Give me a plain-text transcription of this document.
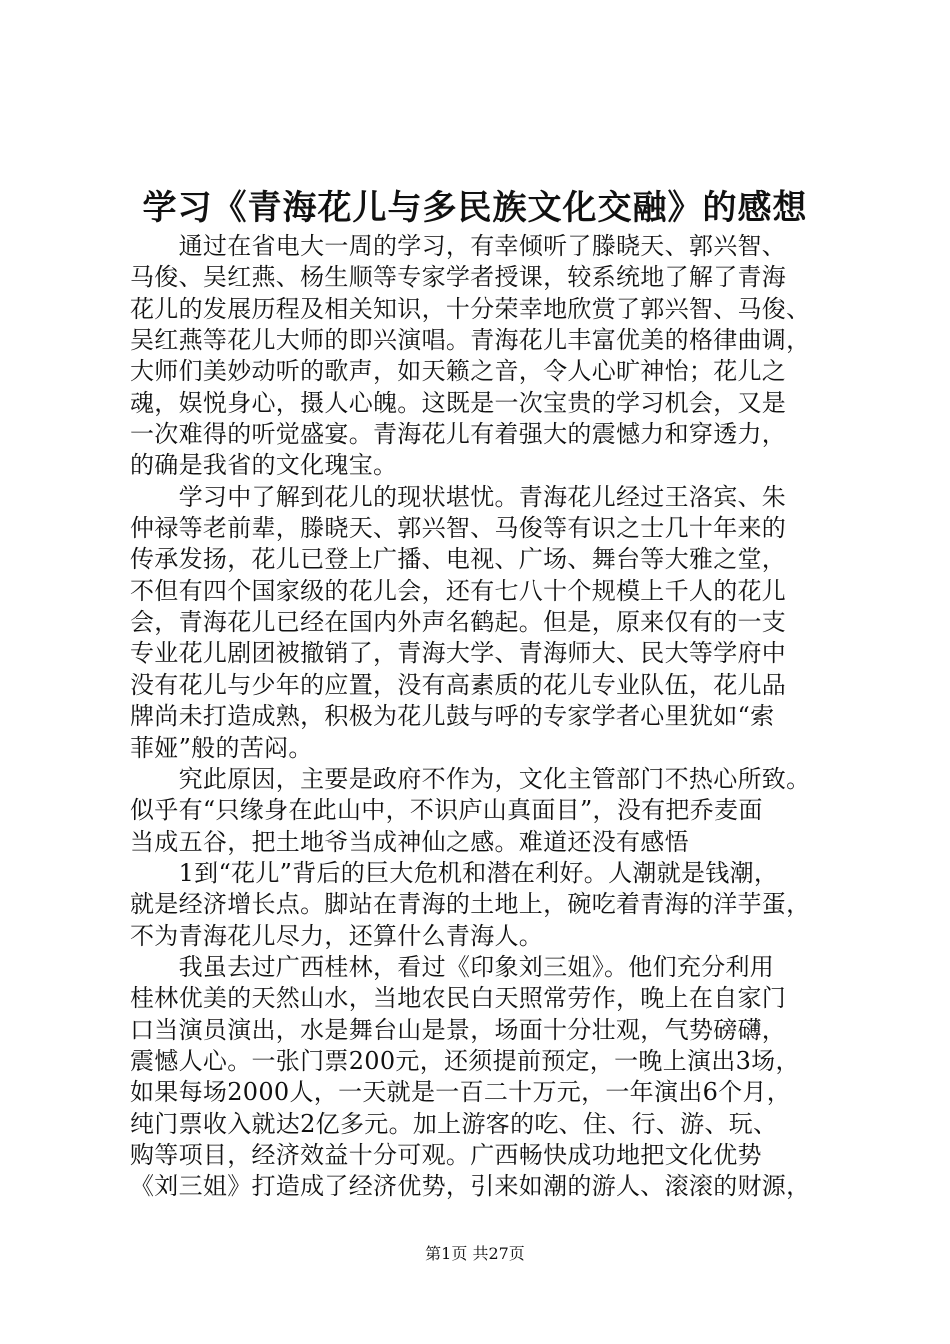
学习《青海花儿与多民族文化交融》的感想
　　通过在省电大一周的学习，有幸倾听了滕晓天、郭兴智、
马俊、吴红燕、杨生顺等专家学者授课，较系统地了解了青海
花儿的发展历程及相关知识，十分荣幸地欣赏了郭兴智、马俊、
吴红燕等花儿大师的即兴演唱。青海花儿丰富优美的格律曲调，
大师们美妙动听的歌声，如天籁之音，令人心旷神怡；花儿之
魂，娱悦身心，摄人心魄。这既是一次宝贵的学习机会，又是
一次难得的听觉盛宴。青海花儿有着强大的震憾力和穿透力，
的确是我省的文化瑰宝。
　　学习中了解到花儿的现状堪忧。青海花儿经过王洛宾、朱
仲禄等老前辈，滕晓天、郭兴智、马俊等有识之士几十年来的
传承发扬，花儿已登上广播、电视、广场、舞台等大雅之堂，
不但有四个国家级的花儿会，还有七八十个规模上千人的花儿
会，青海花儿已经在国内外声名鹤起。但是，原来仅有的一支
专业花儿剧团被撤销了，青海大学、青海师大、民大等学府中
没有花儿与少年的应置，没有高素质的花儿专业队伍，花儿品
牌尚未打造成熟，积极为花儿鼓与呼的专家学者心里犹如“索
菲娅”般的苦闷。
　　究此原因，主要是政府不作为，文化主管部门不热心所致。
似乎有“只缘身在此山中，不识庐山真面目”，没有把乔麦面
当成五谷，把土地爷当成神仙之感。难道还没有感悟
　　1到“花儿”背后的巨大危机和潜在利好。人潮就是钱潮，
就是经济增长点。脚站在青海的土地上，碗吃着青海的洋芋蛋，
不为青海花儿尽力，还算什么青海人。
　　我虽去过广西桂林，看过《印象刘三姐》。他们充分利用
桂林优美的天然山水，当地农民白天照常劳作，晚上在自家门
口当演员演出，水是舞台山是景，场面十分壮观，气势磅礴，
震憾人心。一张门票200元，还须提前预定，一晚上演出3场，
如果每场2000人，一天就是一百二十万元，一年演出6个月，
纯门票收入就达2亿多元。加上游客的吃、住、行、游、玩、
购等项目，经济效益十分可观。广西畅快成功地把文化优势
《刘三姐》打造成了经济优势，引来如潮的游人、滚滚的财源，
第1页 共27页
